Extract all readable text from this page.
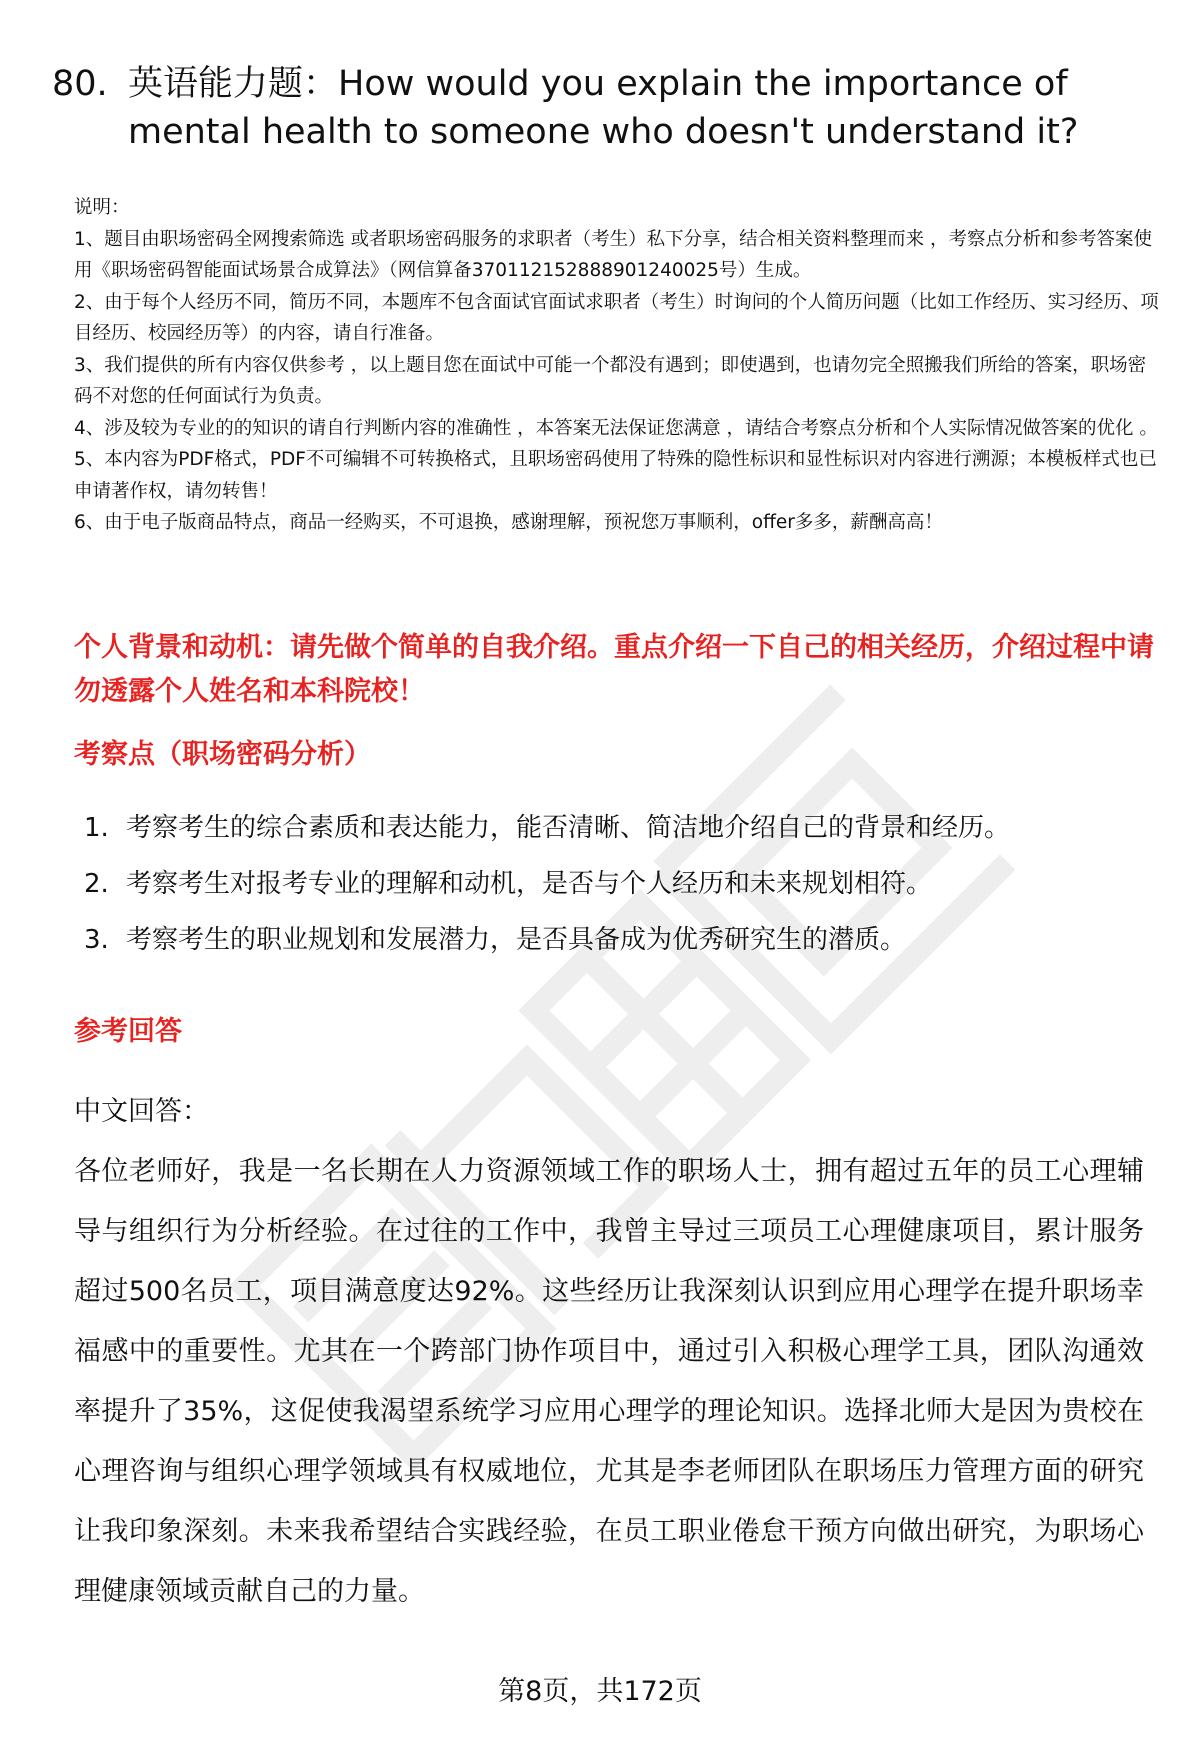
80. 英语能力题：How would you explain the importance of mental health to someone who doesn't understand it?

说明：

1、题目由职场密码全网搜索筛选 或者职场密码服务的求职者（考生）私下分享，结合相关资料整理而来 ，考察点分析和参考答案使用《职场密码智能面试场景合成算法》（网信算备370112152888901240025号）生成。

2、由于每个人经历不同，简历不同，本题库不包含面试官面试求职者（考生）时询问的个人简历问题（比如工作经历、实习经历、项目经历、校园经历等）的内容，请自行准备。

3、我们提供的所有内容仅供参考 ，以上题目您在面试中可能一个都没有遇到；即使遇到，也请勿完全照搬我们所给的答案，职场密码不对您的任何面试行为负责。

4、涉及较为专业的的知识的请自行判断内容的准确性 ，本答案无法保证您满意 ，请结合考察点分析和个人实际情况做答案的优化 。

5、本内容为PDF格式，PDF不可编辑不可转换格式，且职场密码使用了特殊的隐性标识和显性标识对内容进行溯源；本模板样式也已申请著作权，请勿转售！

6、由于电子版商品特点，商品一经购买，不可退换，感谢理解，预祝您万事顺利，offer多多，薪酬高高！

个人背景和动机：请先做个简单的自我介绍。重点介绍一下自己的相关经历，介绍过程中请勿透露个人姓名和本科院校！
考察点（职场密码分析）
1. 考察考生的综合素质和表达能力，能否清晰、简洁地介绍自己的背景和经历。
2. 考察考生对报考专业的理解和动机，是否与个人经历和未来规划相符。
3. 考察考生的职业规划和发展潜力，是否具备成为优秀研究生的潜质。
参考回答
中文回答：
各位老师好，我是一名长期在人力资源领域工作的职场人士，拥有超过五年的员工心理辅导与组织行为分析经验。在过往的工作中，我曾主导过三项员工心理健康项目，累计服务超过500名员工，项目满意度达92%。这些经历让我深刻认识到应用心理学在提升职场幸福感中的重要性。尤其在一个跨部门协作项目中，通过引入积极心理学工具，团队沟通效率提升了35%，这促使我渴望系统学习应用心理学的理论知识。选择北师大是因为贵校在心理咨询与组织心理学领域具有权威地位，尤其是李老师团队在职场压力管理方面的研究让我印象深刻。未来我希望结合实践经验，在员工职业倦怠干预方向做出研究，为职场心理健康领域贡献自己的力量。
第8页，共172页
